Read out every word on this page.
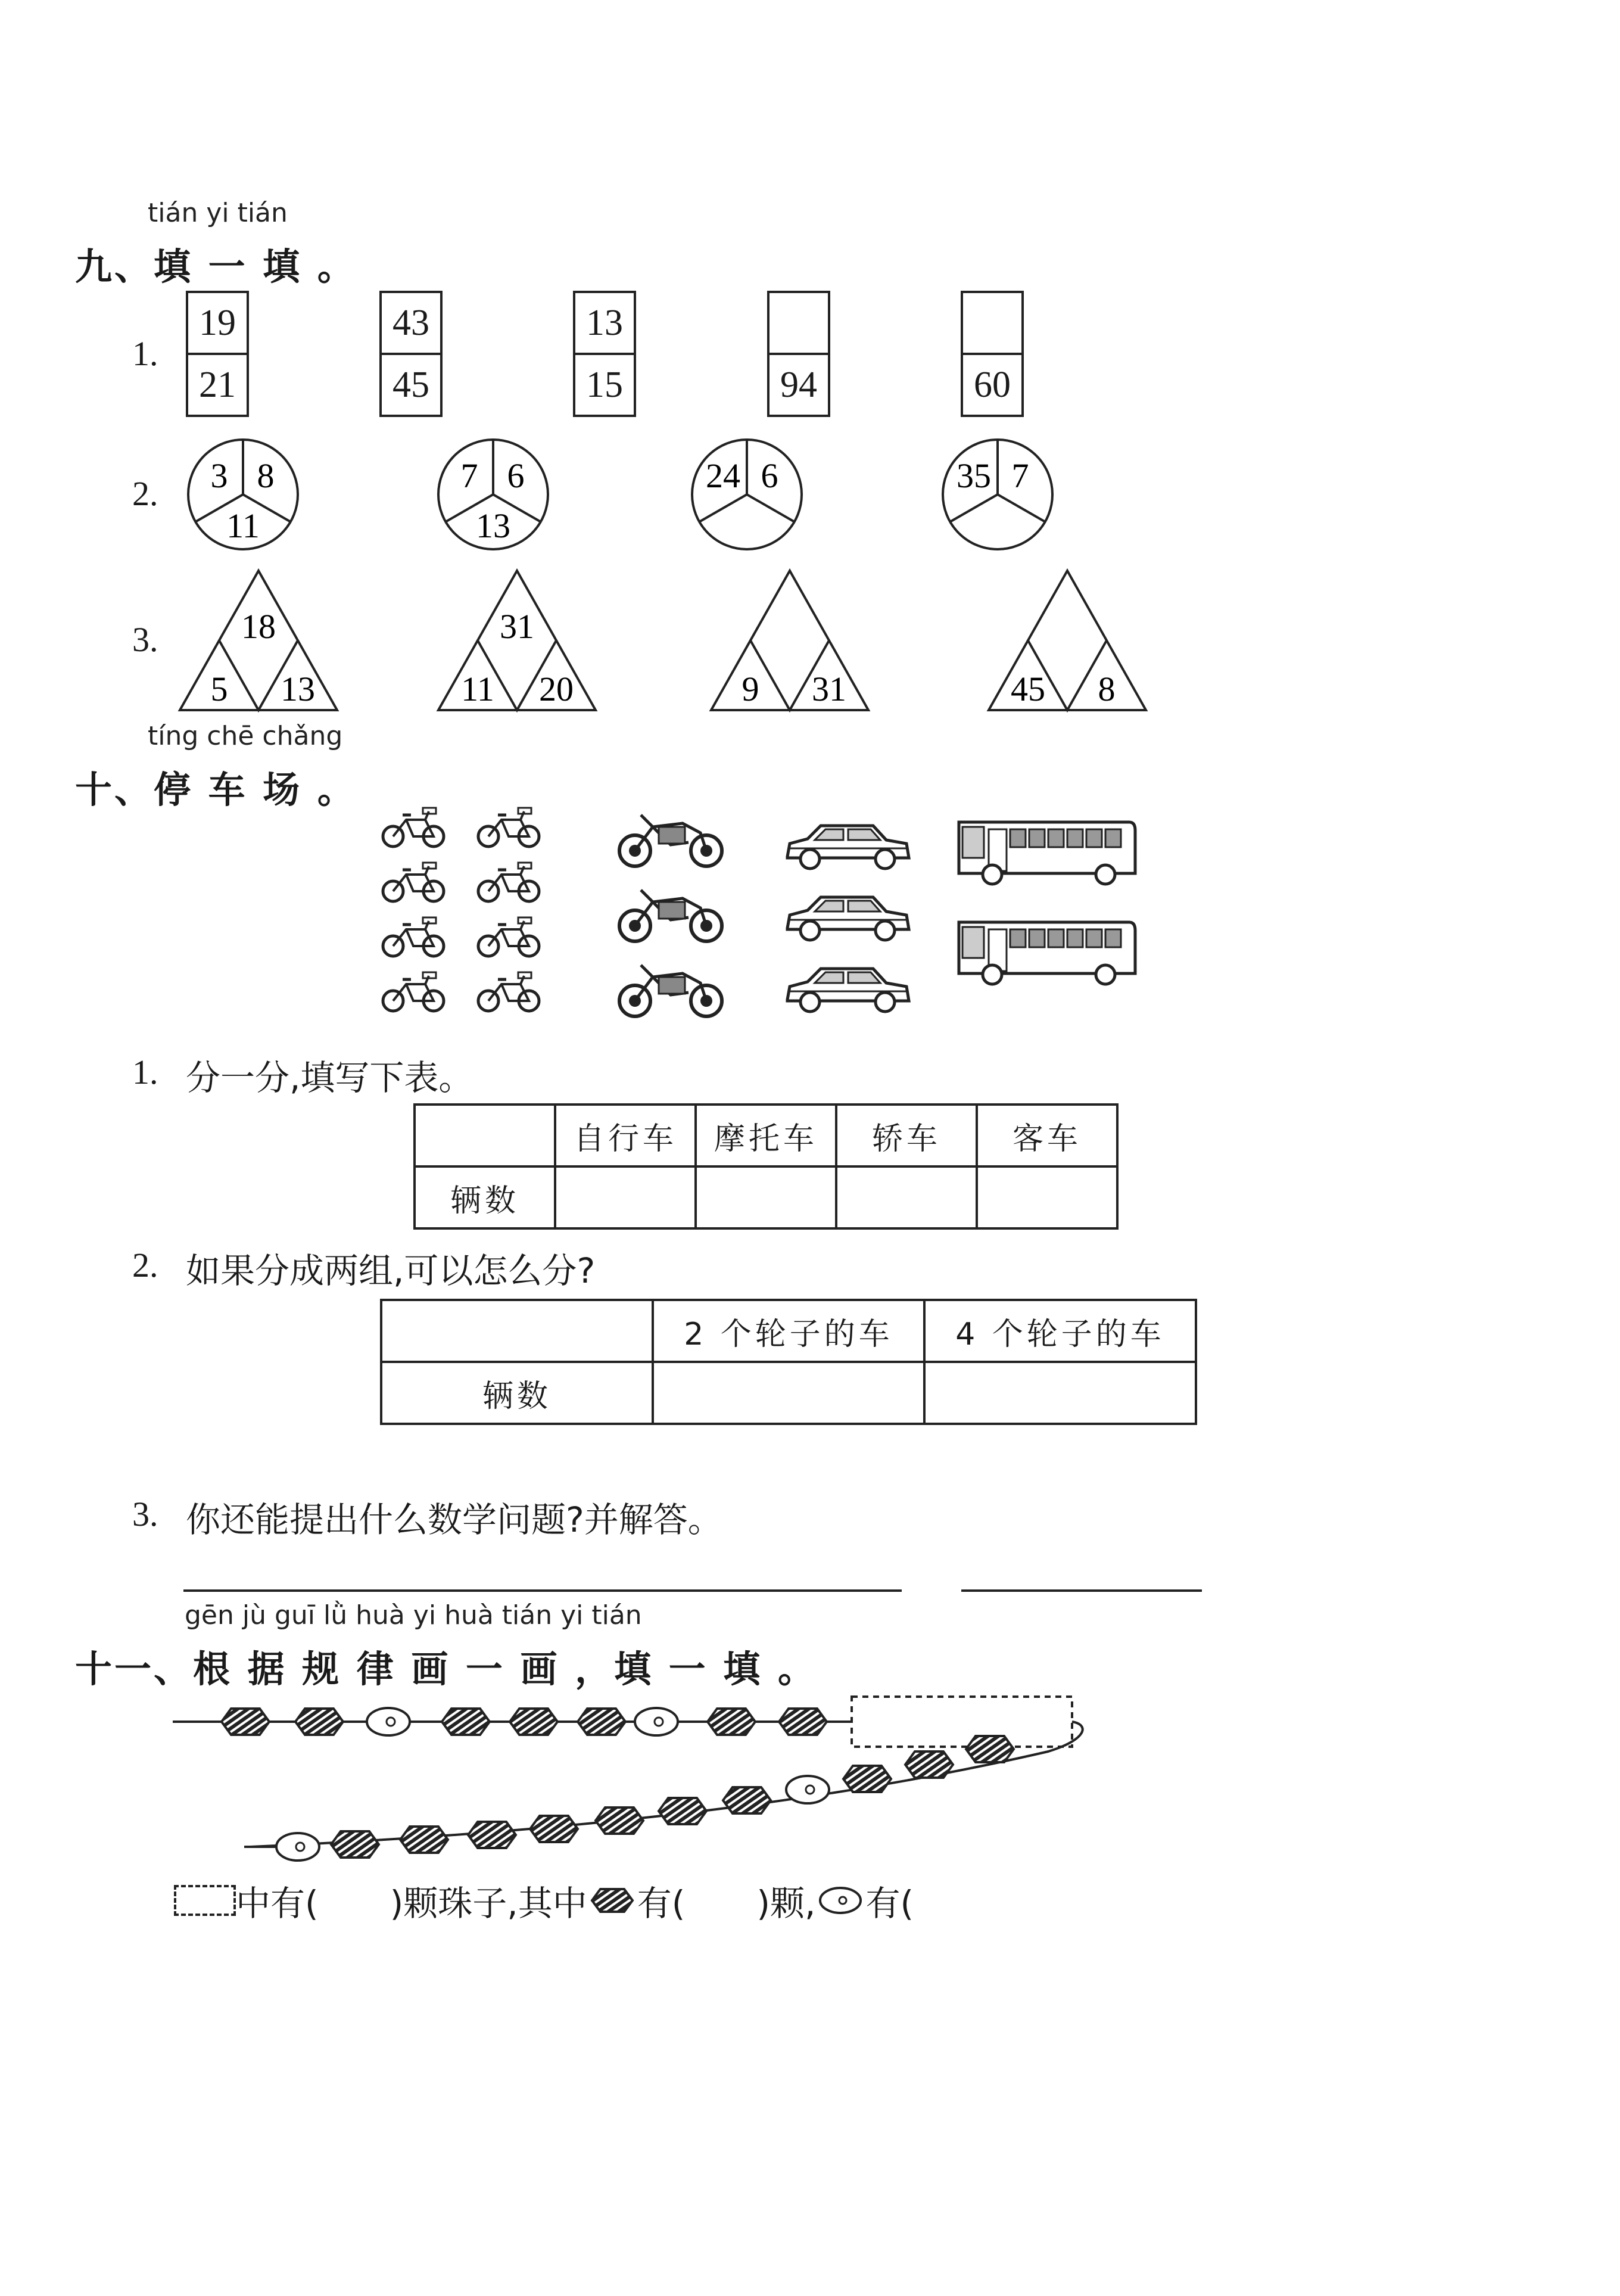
tián yi tián
九、填 一 填 。
1.
19
21
43
45
13
15	94	60
2. 3 8
11
7 6
13
24 6	35 7
18
5 13
31
11 20	9 31	45 8
3.
tíng chē chǎng
十、停 车 场 。
1. 分一分,填写下表。
	自行车	摩托车	轿车	客车
辆数				
2. 如果分成两组,可以怎么分?
	2 个轮子的车	4 个轮子的车
辆数		
3. 你还能提出什么数学问题?并解答。
gēn jù guī lǜ huà yi huà tián yi tián
十一、根 据 规 律 画 一 画 ，填 一 填 。
中有( )颗珠子,其中 有( )颗, 有(
